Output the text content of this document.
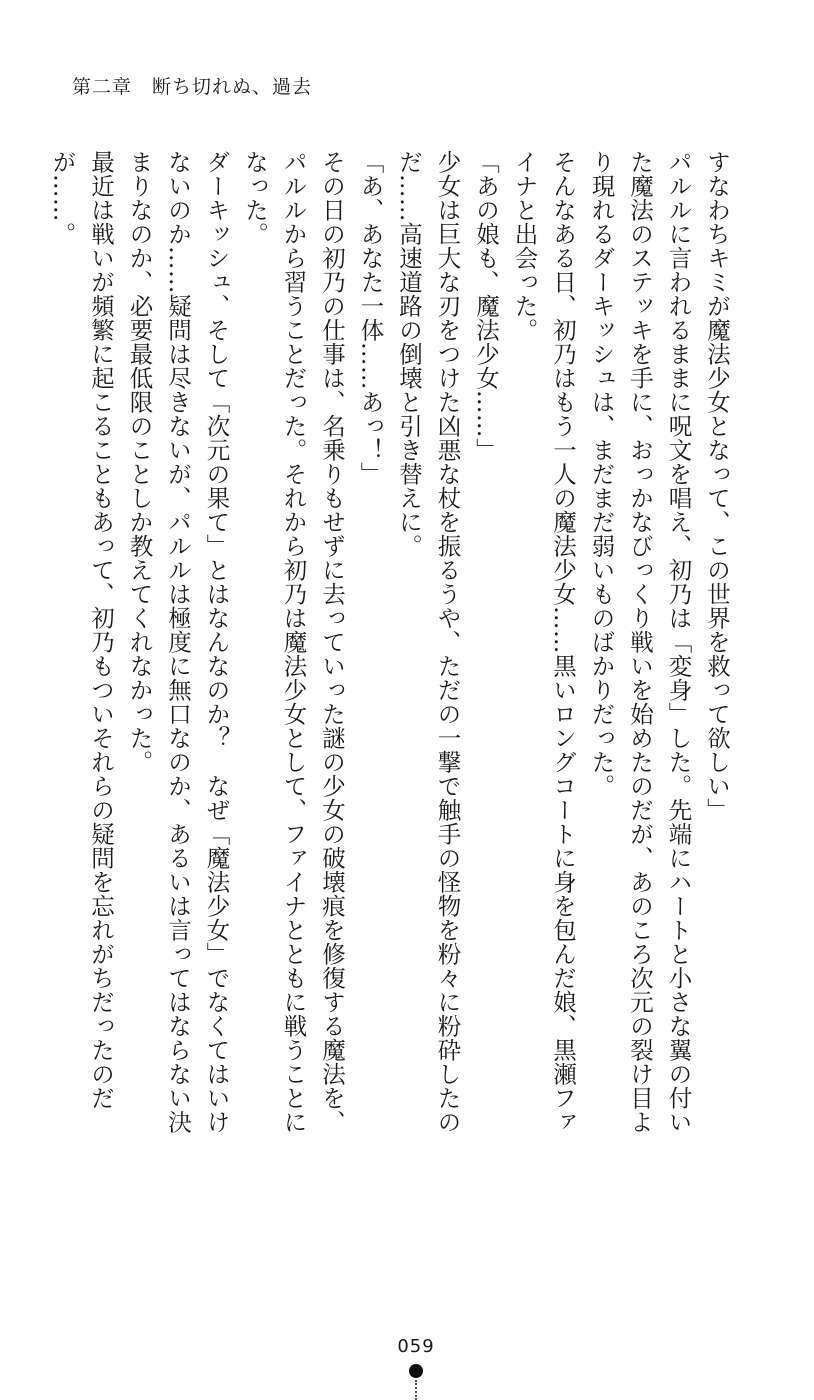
第二章　断ち切れぬ、過去

すなわちキミが魔法少女となって、この世界を救って欲しい」

パルルに言われるままに呪文を唱え、初乃は「変身」した。先端にハートと小さな翼の付いた魔法のステッキを手に、おっかなびっくり戦いを始めたのだが、あのころ次元の裂け目より現れるダーキッシュは、まだまだ弱いものばかりだった。

そんなある日、初乃はもう一人の魔法少女……黒いロングコートに身を包んだ娘、黒瀬ファイナと出会った。

「あの娘も、魔法少女……」

少女は巨大な刃をつけた凶悪な杖を振るうや、ただの一撃で触手の怪物を粉々に粉砕したのだ……高速道路の倒壊と引き替えに。

「あ、あなた一体……あっ！」

その日の初乃の仕事は、名乗りもせずに去っていった謎の少女の破壊痕を修復する魔法を、パルルから習うことだった。それから初乃は魔法少女として、ファイナとともに戦うことになった。

ダーキッシュ、そして「次元の果て」とはなんなのか？　なぜ「魔法少女」でなくてはいけないのか……疑問は尽きないが、パルルは極度に無口なのか、あるいは言ってはならない決まりなのか、必要最低限のことしか教えてくれなかった。

最近は戦いが頻繁に起こることもあって、初乃もついそれらの疑問を忘れがちだったのだが……。

059
